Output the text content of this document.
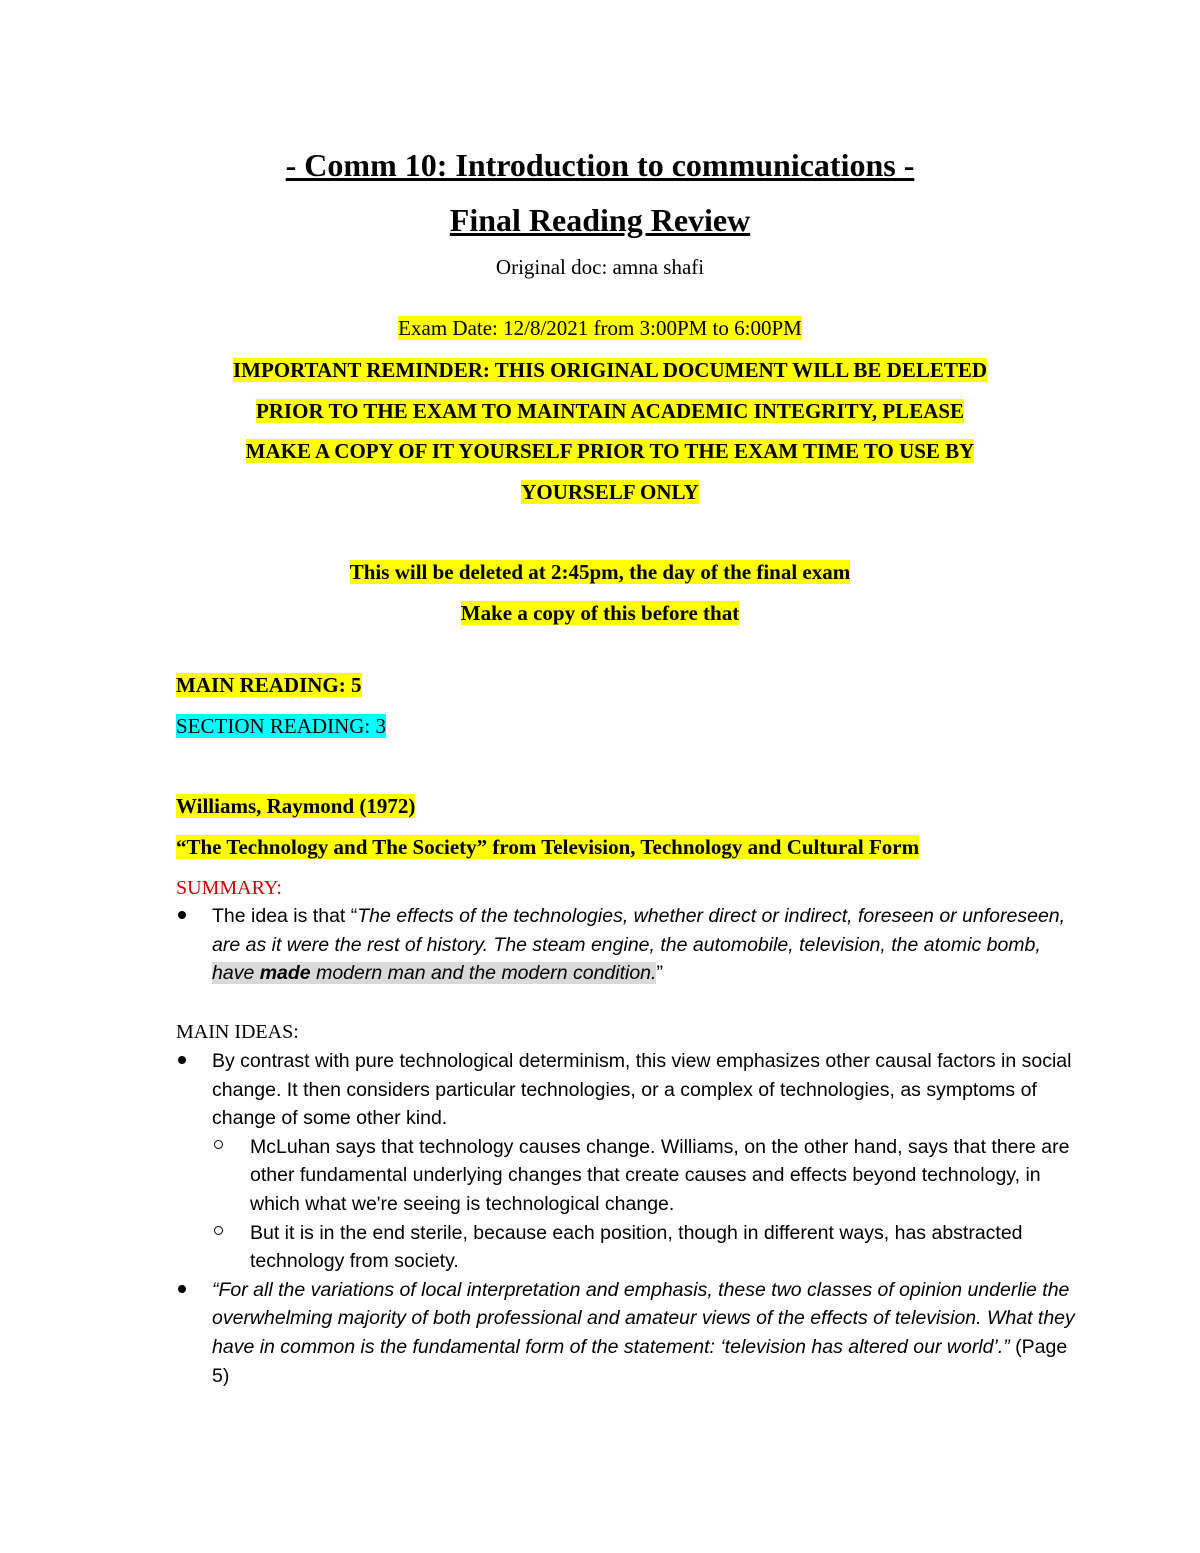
- Comm 10: Introduction to communications -
Final Reading Review
Original doc: amna shafi
Exam Date: 12/8/2021 from 3:00PM to 6:00PM
IMPORTANT REMINDER: THIS ORIGINAL DOCUMENT WILL BE DELETED
PRIOR TO THE EXAM TO MAINTAIN ACADEMIC INTEGRITY, PLEASE
MAKE A COPY OF IT YOURSELF PRIOR TO THE EXAM TIME TO USE BY
YOURSELF ONLY
This will be deleted at 2:45pm, the day of the final exam
Make a copy of this before that
MAIN READING: 5
SECTION READING: 3
Williams, Raymond (1972)
“The Technology and The Society” from Television, Technology and Cultural Form
SUMMARY:
The idea is that “The effects of the technologies, whether direct or indirect, foreseen or unforeseen, are as it were the rest of history. The steam engine, the automobile, television, the atomic bomb, have made modern man and the modern condition.”
MAIN IDEAS:
By contrast with pure technological determinism, this view emphasizes other causal factors in social change. It then considers particular technologies, or a complex of technologies, as symptoms of change of some other kind.
McLuhan says that technology causes change. Williams, on the other hand, says that there are other fundamental underlying changes that create causes and effects beyond technology, in which what we're seeing is technological change.
But it is in the end sterile, because each position, though in different ways, has abstracted technology from society.
“For all the variations of local interpretation and emphasis, these two classes of opinion underlie the overwhelming majority of both professional and amateur views of the effects of television. What they have in common is the fundamental form of the statement: ‘television has altered our world’.” (Page 5)
